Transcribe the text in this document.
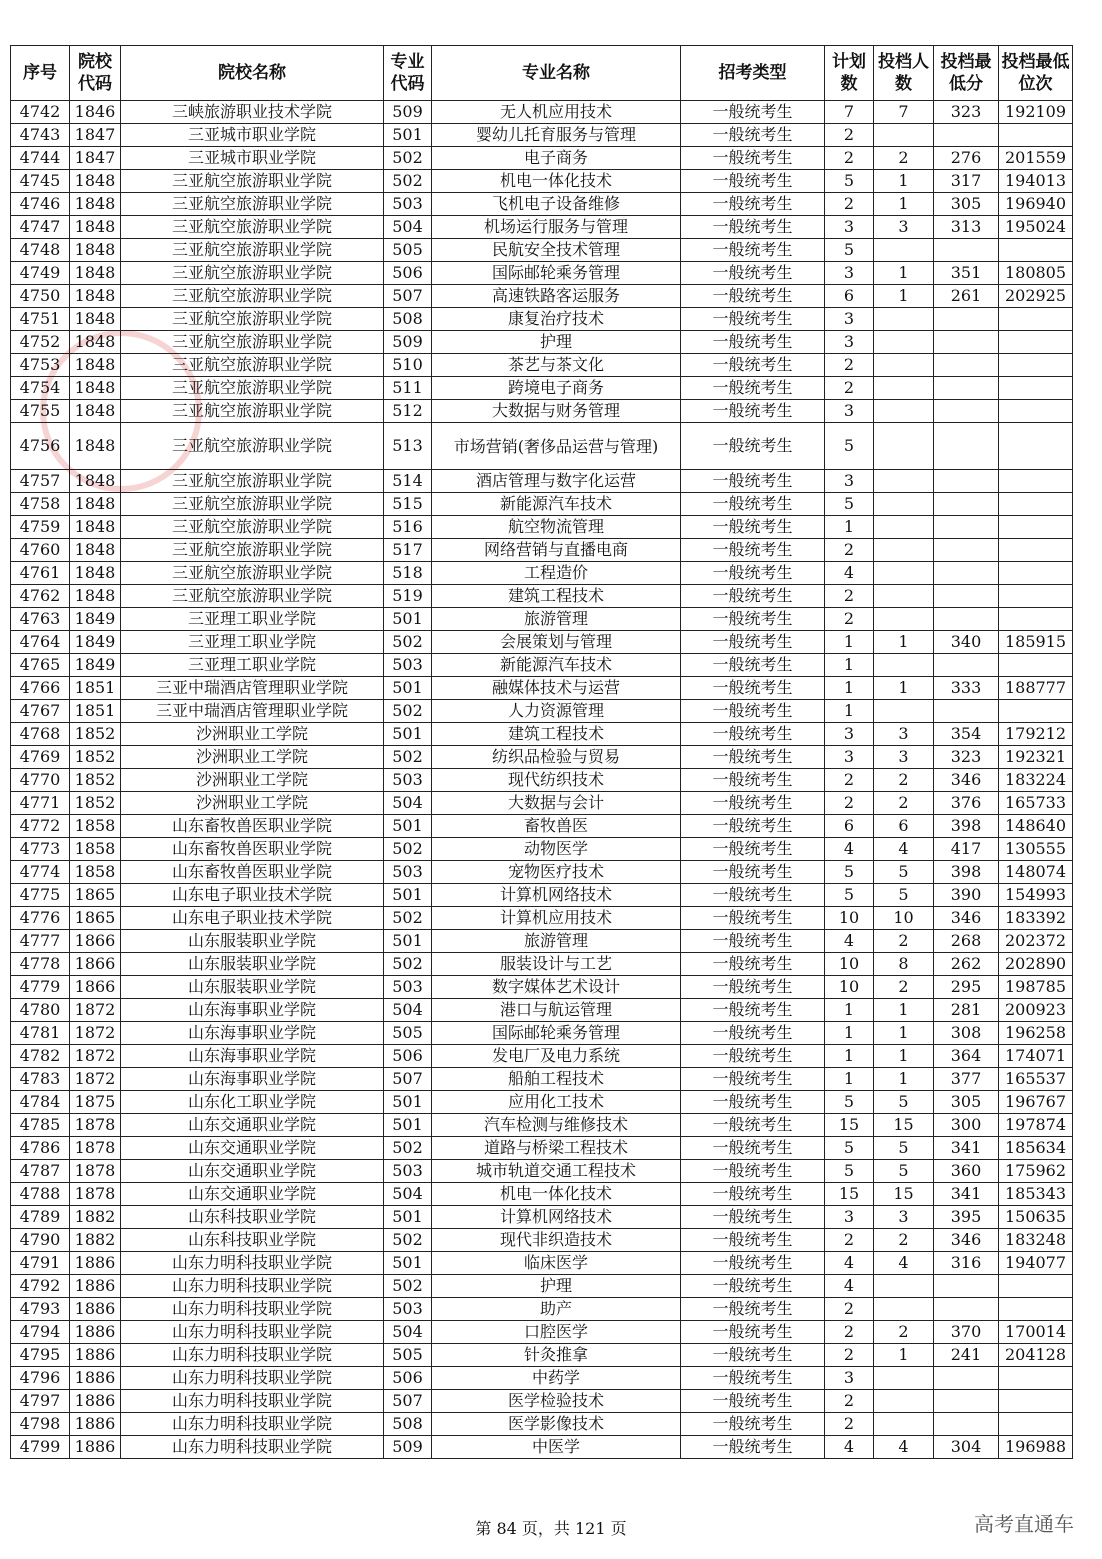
序号	院校代码	院校名称	专业代码	专业名称	招考类型	计划数	投档人数	投档最低分	投档最低位次
4742	1846	三峡旅游职业技术学院	509	无人机应用技术	一般统考生	7	7	323	192109
4743	1847	三亚城市职业学院	501	婴幼儿托育服务与管理	一般统考生	2			
4744	1847	三亚城市职业学院	502	电子商务	一般统考生	2	2	276	201559
4745	1848	三亚航空旅游职业学院	502	机电一体化技术	一般统考生	5	1	317	194013
4746	1848	三亚航空旅游职业学院	503	飞机电子设备维修	一般统考生	2	1	305	196940
4747	1848	三亚航空旅游职业学院	504	机场运行服务与管理	一般统考生	3	3	313	195024
4748	1848	三亚航空旅游职业学院	505	民航安全技术管理	一般统考生	5			
4749	1848	三亚航空旅游职业学院	506	国际邮轮乘务管理	一般统考生	3	1	351	180805
4750	1848	三亚航空旅游职业学院	507	高速铁路客运服务	一般统考生	6	1	261	202925
4751	1848	三亚航空旅游职业学院	508	康复治疗技术	一般统考生	3			
4752	1848	三亚航空旅游职业学院	509	护理	一般统考生	3			
4753	1848	三亚航空旅游职业学院	510	茶艺与茶文化	一般统考生	2			
4754	1848	三亚航空旅游职业学院	511	跨境电子商务	一般统考生	2			
4755	1848	三亚航空旅游职业学院	512	大数据与财务管理	一般统考生	3			
4756	1848	三亚航空旅游职业学院	513	市场营销(奢侈品运营与管理)	一般统考生	5			
4757	1848	三亚航空旅游职业学院	514	酒店管理与数字化运营	一般统考生	3			
4758	1848	三亚航空旅游职业学院	515	新能源汽车技术	一般统考生	5			
4759	1848	三亚航空旅游职业学院	516	航空物流管理	一般统考生	1			
4760	1848	三亚航空旅游职业学院	517	网络营销与直播电商	一般统考生	2			
4761	1848	三亚航空旅游职业学院	518	工程造价	一般统考生	4			
4762	1848	三亚航空旅游职业学院	519	建筑工程技术	一般统考生	2			
4763	1849	三亚理工职业学院	501	旅游管理	一般统考生	2			
4764	1849	三亚理工职业学院	502	会展策划与管理	一般统考生	1	1	340	185915
4765	1849	三亚理工职业学院	503	新能源汽车技术	一般统考生	1			
4766	1851	三亚中瑞酒店管理职业学院	501	融媒体技术与运营	一般统考生	1	1	333	188777
4767	1851	三亚中瑞酒店管理职业学院	502	人力资源管理	一般统考生	1			
4768	1852	沙洲职业工学院	501	建筑工程技术	一般统考生	3	3	354	179212
4769	1852	沙洲职业工学院	502	纺织品检验与贸易	一般统考生	3	3	323	192321
4770	1852	沙洲职业工学院	503	现代纺织技术	一般统考生	2	2	346	183224
4771	1852	沙洲职业工学院	504	大数据与会计	一般统考生	2	2	376	165733
4772	1858	山东畜牧兽医职业学院	501	畜牧兽医	一般统考生	6	6	398	148640
4773	1858	山东畜牧兽医职业学院	502	动物医学	一般统考生	4	4	417	130555
4774	1858	山东畜牧兽医职业学院	503	宠物医疗技术	一般统考生	5	5	398	148074
4775	1865	山东电子职业技术学院	501	计算机网络技术	一般统考生	5	5	390	154993
4776	1865	山东电子职业技术学院	502	计算机应用技术	一般统考生	10	10	346	183392
4777	1866	山东服装职业学院	501	旅游管理	一般统考生	4	2	268	202372
4778	1866	山东服装职业学院	502	服装设计与工艺	一般统考生	10	8	262	202890
4779	1866	山东服装职业学院	503	数字媒体艺术设计	一般统考生	10	2	295	198785
4780	1872	山东海事职业学院	504	港口与航运管理	一般统考生	1	1	281	200923
4781	1872	山东海事职业学院	505	国际邮轮乘务管理	一般统考生	1	1	308	196258
4782	1872	山东海事职业学院	506	发电厂及电力系统	一般统考生	1	1	364	174071
4783	1872	山东海事职业学院	507	船舶工程技术	一般统考生	1	1	377	165537
4784	1875	山东化工职业学院	501	应用化工技术	一般统考生	5	5	305	196767
4785	1878	山东交通职业学院	501	汽车检测与维修技术	一般统考生	15	15	300	197874
4786	1878	山东交通职业学院	502	道路与桥梁工程技术	一般统考生	5	5	341	185634
4787	1878	山东交通职业学院	503	城市轨道交通工程技术	一般统考生	5	5	360	175962
4788	1878	山东交通职业学院	504	机电一体化技术	一般统考生	15	15	341	185343
4789	1882	山东科技职业学院	501	计算机网络技术	一般统考生	3	3	395	150635
4790	1882	山东科技职业学院	502	现代非织造技术	一般统考生	2	2	346	183248
4791	1886	山东力明科技职业学院	501	临床医学	一般统考生	4	4	316	194077
4792	1886	山东力明科技职业学院	502	护理	一般统考生	4			
4793	1886	山东力明科技职业学院	503	助产	一般统考生	2			
4794	1886	山东力明科技职业学院	504	口腔医学	一般统考生	2	2	370	170014
4795	1886	山东力明科技职业学院	505	针灸推拿	一般统考生	2	1	241	204128
4796	1886	山东力明科技职业学院	506	中药学	一般统考生	3			
4797	1886	山东力明科技职业学院	507	医学检验技术	一般统考生	2			
4798	1886	山东力明科技职业学院	508	医学影像技术	一般统考生	2			
4799	1886	山东力明科技职业学院	509	中医学	一般统考生	4	4	304	196988
第 84 页，共 121 页	高考直通车
